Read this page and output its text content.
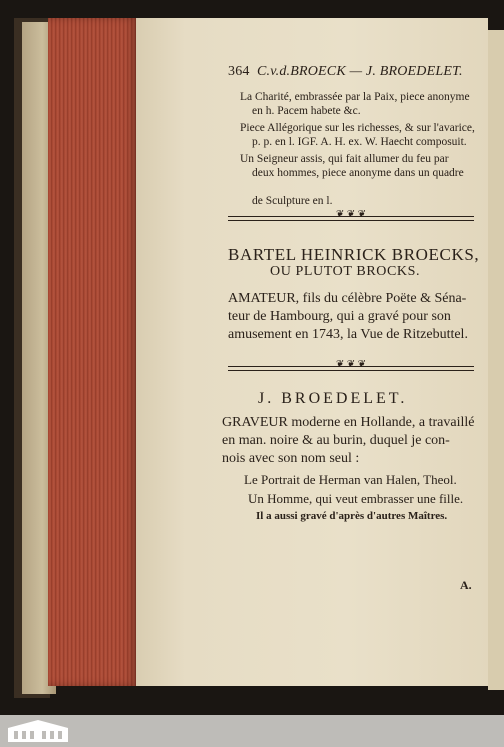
364 C.v.d.BROECK — J. BROEDELET.
La Charité, embrassée par la Paix, piece anonyme

en h. Pacem habete &c.
Piece Allégorique sur les richesses, & sur l'avarice,

p. p. en l. IGF. A. H. ex. W. Haecht composuit.
Un Seigneur assis, qui fait allumer du feu par

deux hommes, piece anonyme dans un quadre

de Sculpture en l.
❦ ❦ ❦
BARTEL HEINRICK BROECKS,
OU PLUTOT BROCKS.
AMATEUR, fils du célèbre Poëte & Séna-
teur de Hambourg, qui a gravé pour son
amusement en 1743, la Vue de Ritzebuttel.
❦ ❦ ❦
J. BROEDELET.
GRAVEUR moderne en Hollande, a travaillé
en man. noire & au burin, duquel je con-
nois avec son nom seul :
Le Portrait de Herman van Halen, Theol.
Un Homme, qui veut embrasser une fille.
Il a aussi gravé d'après d'autres Maîtres.
A.
